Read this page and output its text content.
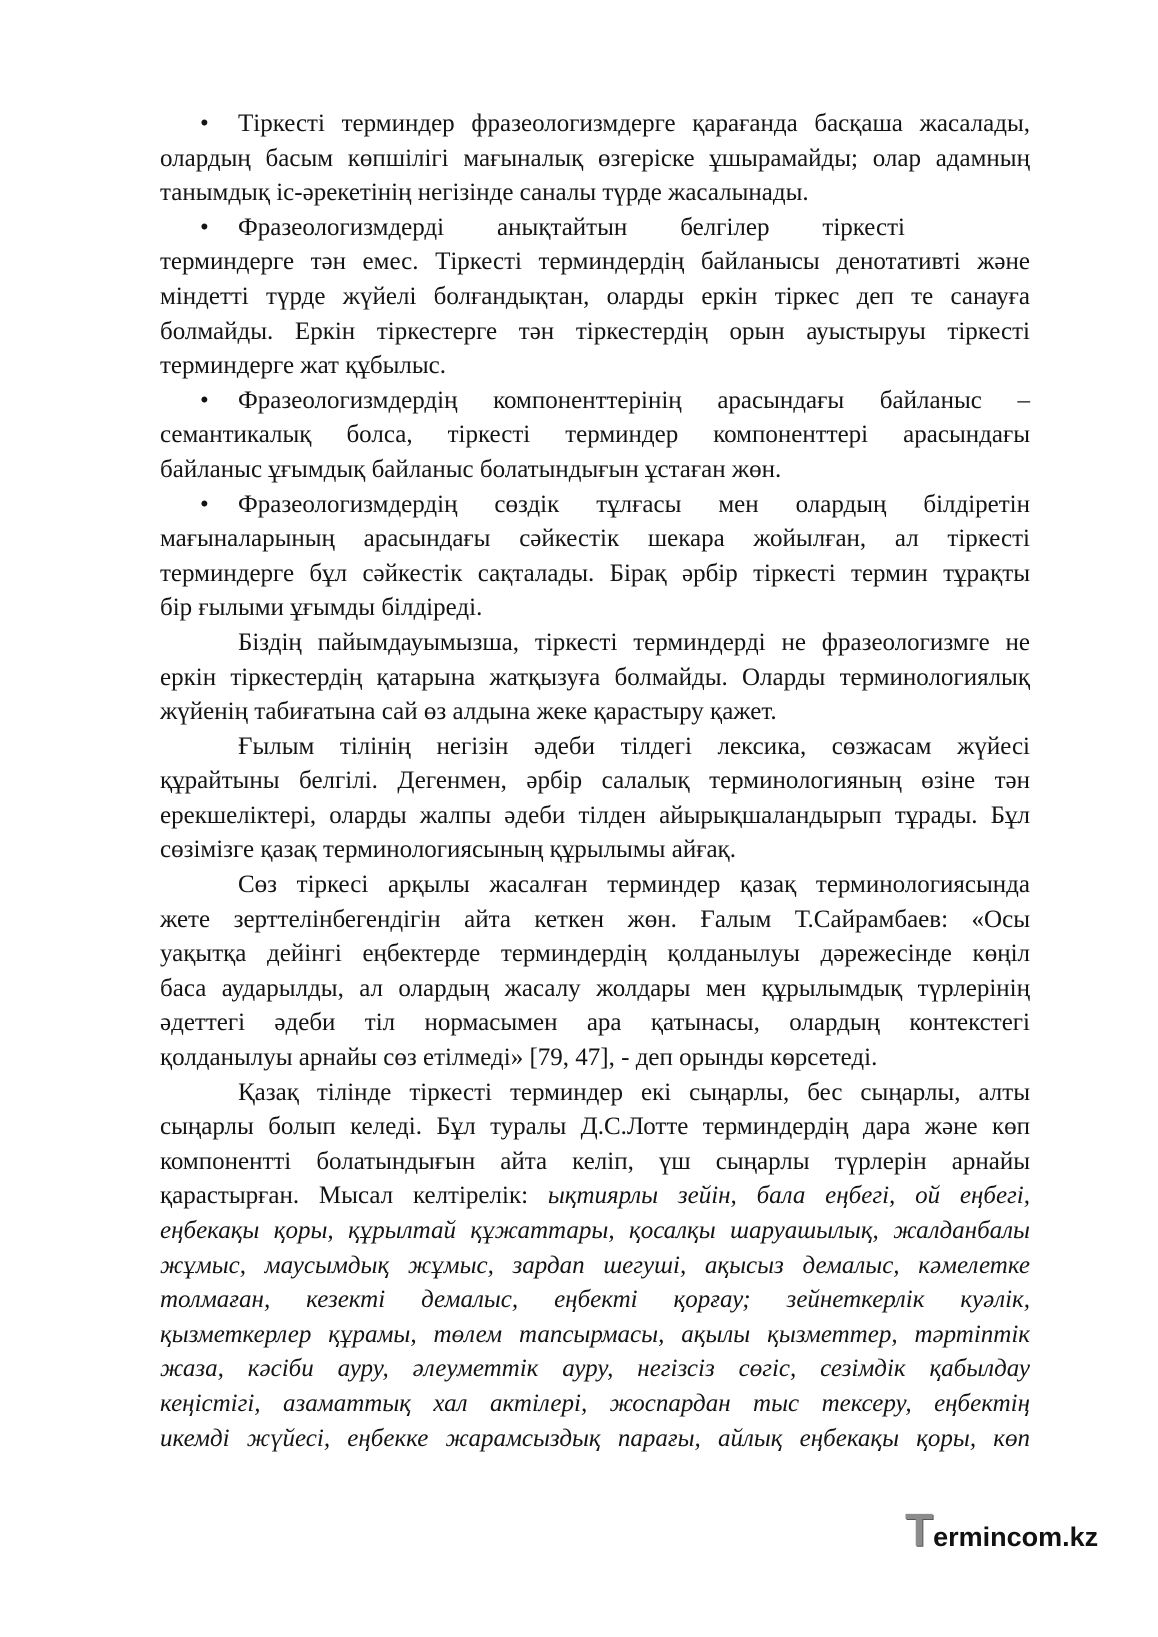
• Тіркесті терминдер фразеологизмдерге қарағанда басқаша жасалады,
олардың басым көпшілігі мағыналық өзгеріске ұшырамайды; олар адамның
танымдық іс-әрекетінің негізінде саналы түрде жасалынады.
• Фразеологизмдерді анықтайтын белгілер тіркесті
терминдерге тән емес. Тіркесті терминдердің байланысы денотативті және
міндетті түрде жүйелі болғандықтан, оларды еркін тіркес деп те санауға
болмайды. Еркін тіркестерге тән тіркестердің орын ауыстыруы тіркесті
терминдерге жат құбылыс.
• Фразеологизмдердің компоненттерінің арасындағы байланыс –
семантикалық болса, тіркесті терминдер компоненттері арасындағы
байланыс ұғымдық байланыс болатындығын ұстаған жөн.
• Фразеологизмдердің сөздік тұлғасы мен олардың білдіретін
мағыналарының арасындағы сәйкестік шекара жойылған, ал тіркесті
терминдерге бұл сәйкестік сақталады. Бірақ әрбір тіркесті термин тұрақты
бір ғылыми ұғымды білдіреді.
Біздің пайымдауымызша, тіркесті терминдерді не фразеологизмге не
еркін тіркестердің қатарына жатқызуға болмайды. Оларды терминологиялық
жүйенің табиғатына сай өз алдына жеке қарастыру қажет.
Ғылым тілінің негізін әдеби тілдегі лексика, сөзжасам жүйесі
құрайтыны белгілі. Дегенмен, әрбір салалық терминологияның өзіне тән
ерекшеліктері, оларды жалпы әдеби тілден айырықшаландырып тұрады. Бұл
сөзімізге қазақ терминологиясының құрылымы айғақ.
Сөз тіркесі арқылы жасалған терминдер қазақ терминологиясында
жете зерттелінбегендігін айта кеткен жөн. Ғалым Т.Сайрамбаев: «Осы
уақытқа дейінгі еңбектерде терминдердің қолданылуы дәрежесінде көңіл
баса аударылды, ал олардың жасалу жолдары мен құрылымдық түрлерінің
әдеттегі әдеби тіл нормасымен ара қатынасы, олардың контекстегі
қолданылуы арнайы сөз етілмеді» [79, 47], - деп орынды көрсетеді.
Қазақ тілінде тіркесті терминдер екі сыңарлы, бес сыңарлы, алты
сыңарлы болып келеді. Бұл туралы Д.С.Лотте терминдердің дара және көп
компонентті болатындығын айта келіп, үш сыңарлы түрлерін арнайы
қарастырған. Мысал келтірелік: ықтиярлы зейін, бала еңбегі, ой еңбегі,
еңбекақы қоры, құрылтай құжаттары, қосалқы шаруашылық, жалданбалы
жұмыс, маусымдық жұмыс, зардап шегуші, ақысыз демалыс, кәмелетке
толмаған, кезекті демалыс, еңбекті қорғау; зейнеткерлік куәлік,
қызметкерлер құрамы, төлем тапсырмасы, ақылы қызметтер, тәртіптік
жаза, кәсіби ауру, әлеуметтік ауру, негізсіз сөгіс, сезімдік қабылдау
кеңістігі, азаматтық хал актілері, жоспардан тыс тексеру, еңбектің
икемді жүйесі, еңбекке жарамсыздық парағы, айлық еңбекақы қоры, көп
Termincom.kz
